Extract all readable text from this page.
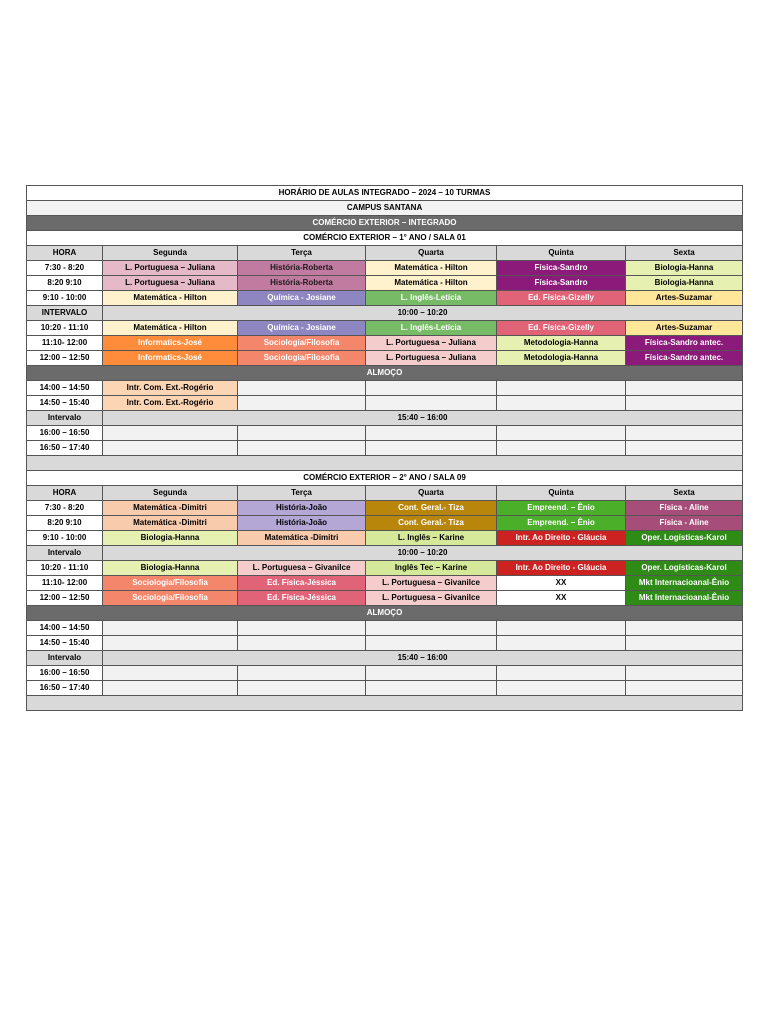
HORÁRIO DE AULAS INTEGRADO – 2024 – 10 TURMAS					
CAMPUS SANTANA					
COMÉRCIO EXTERIOR – INTEGRADO					
COMÉRCIO EXTERIOR – 1° ANO / SALA 01					
HORA	Segunda	Terça	Quarta	Quinta	Sexta
7:30 - 8:20	L. Portuguesa – Juliana	História-Roberta	Matemática - Hilton	Física-Sandro	Biologia-Hanna
8:20 9:10	L. Portuguesa – Juliana	História-Roberta	Matemática - Hilton	Física-Sandro	Biologia-Hanna
9:10 - 10:00	Matemática - Hilton	Química - Josiane	L. Inglês-Letícia	Ed. Física-Gizelly	Artes-Suzamar
INTERVALO	10:00 – 10:20				
10:20 - 11:10	Matemática - Hilton	Química - Josiane	L. Inglês-Letícia	Ed. Física-Gizelly	Artes-Suzamar
11:10- 12:00	Informatics-José	Sociologia/Filosofia	L. Portuguesa – Juliana	Metodologia-Hanna	Física-Sandro antec.
12:00 – 12:50	Informatics-José	Sociologia/Filosofia	L. Portuguesa – Juliana	Metodologia-Hanna	Física-Sandro antec.
ALMOÇO					
14:00 – 14:50	Intr. Com. Ext.-Rogério				
14:50 – 15:40	Intr. Com. Ext.-Rogério				
Intervalo	15:40 – 16:00				
16:00 – 16:50					
16:50 – 17:40					

COMÉRCIO EXTERIOR – 2° ANO / SALA 09					
HORA	Segunda	Terça	Quarta	Quinta	Sexta
7:30 - 8:20	Matemática -Dimitri	História-João	Cont. Geral.- Tiza	Empreend. – Ênio	Física - Aline
8:20 9:10	Matemática -Dimitri	História-João	Cont. Geral.- Tiza	Empreend. – Ênio	Física - Aline
9:10 - 10:00	Biologia-Hanna	Matemática -Dimitri	L. Inglês – Karine	Intr. Ao Direito - Gláucia	Oper. Logísticas-Karol
Intervalo	10:00 – 10:20				
10:20 - 11:10	Biologia-Hanna	L. Portuguesa – Givanilce	Inglês Tec – Karine	Intr. Ao Direito - Gláucia	Oper. Logísticas-Karol
11:10- 12:00	Sociologia/Filosofia	Ed. Física-Jéssica	L. Portuguesa – Givanilce	XX	Mkt Internacioanal-Ênio
12:00 – 12:50	Sociologia/Filosofia	Ed. Física-Jéssica	L. Portuguesa – Givanilce	XX	Mkt Internacioanal-Ênio
ALMOÇO					
14:00 – 14:50					
14:50 – 15:40					
Intervalo	15:40 – 16:00				
16:00 – 16:50					
16:50 – 17:40					
